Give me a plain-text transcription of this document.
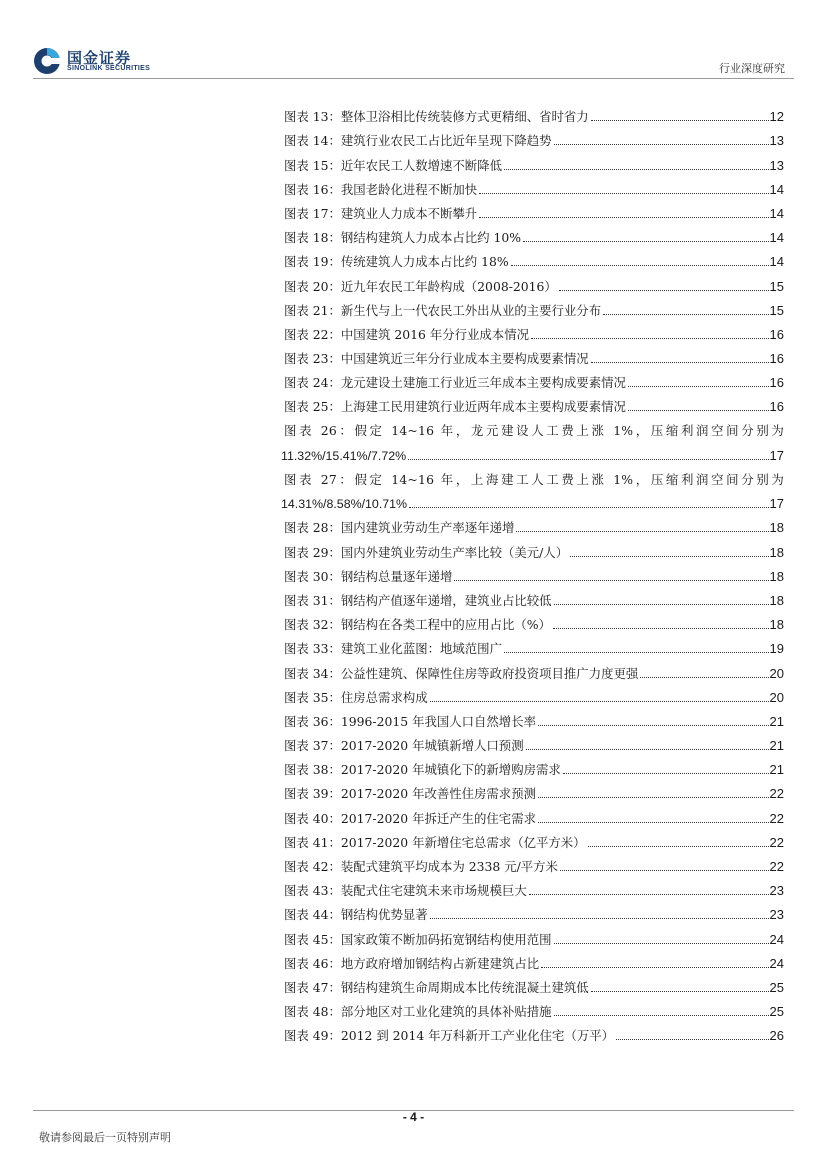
国金证券
SINOLINK SECURITIES	行业深度研究
图表 13：整体卫浴相比传统装修方式更精细、省时省力	12
图表 14：建筑行业农民工占比近年呈现下降趋势	13
图表 15：近年农民工人数增速不断降低	13
图表 16：我国老龄化进程不断加快	14
图表 17：建筑业人力成本不断攀升	14
图表 18：钢结构建筑人力成本占比约 10%	14
图表 19：传统建筑人力成本占比约 18%	14
图表 20：近九年农民工年龄构成（2008-2016）	15
图表 21：新生代与上一代农民工外出从业的主要行业分布	15
图表 22：中国建筑 2016 年分行业成本情况	16
图表 23：中国建筑近三年分行业成本主要构成要素情况	16
图表 24：龙元建设土建施工行业近三年成本主要构成要素情况	16
图表 25：上海建工民用建筑行业近两年成本主要构成要素情况	16
图表 26：假定 14~16 年，龙元建设人工费上涨 1%，压缩利润空间分别为
11.32%/15.41%/7.72%	17
图表 27：假定 14~16 年，上海建工人工费上涨 1%，压缩利润空间分别为
14.31%/8.58%/10.71%	17
图表 28：国内建筑业劳动生产率逐年递增	18
图表 29：国内外建筑业劳动生产率比较（美元/人）	18
图表 30：钢结构总量逐年递增	18
图表 31：钢结构产值逐年递增，建筑业占比较低	18
图表 32：钢结构在各类工程中的应用占比（%）	18
图表 33：建筑工业化蓝图：地域范围广	19
图表 34：公益性建筑、保障性住房等政府投资项目推广力度更强	20
图表 35：住房总需求构成	20
图表 36：1996-2015 年我国人口自然增长率	21
图表 37：2017-2020 年城镇新增人口预测	21
图表 38：2017-2020 年城镇化下的新增购房需求	21
图表 39：2017-2020 年改善性住房需求预测	22
图表 40：2017-2020 年拆迁产生的住宅需求	22
图表 41：2017-2020 年新增住宅总需求（亿平方米）	22
图表 42：装配式建筑平均成本为 2338 元/平方米	22
图表 43：装配式住宅建筑未来市场规模巨大	23
图表 44：钢结构优势显著	23
图表 45：国家政策不断加码拓宽钢结构使用范围	24
图表 46：地方政府增加钢结构占新建建筑占比	24
图表 47：钢结构建筑生命周期成本比传统混凝土建筑低	25
图表 48：部分地区对工业化建筑的具体补贴措施	25
图表 49：2012 到 2014 年万科新开工产业化住宅（万平）	26
- 4 -
敬请参阅最后一页特别声明
